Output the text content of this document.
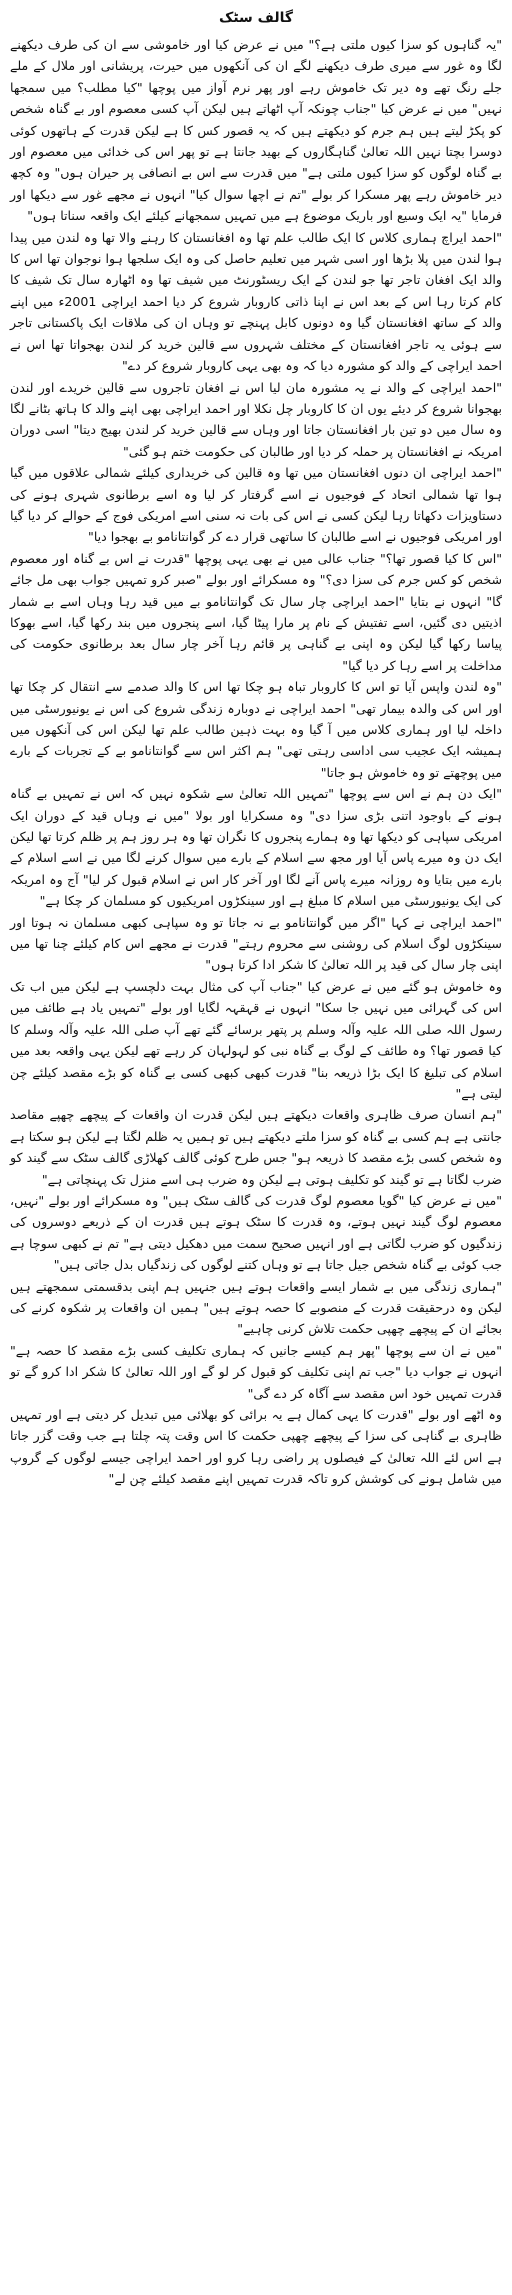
گالف سٹک

"یہ گناہوں کو سزا کیوں ملتی ہے؟" میں نے عرض کیا اور خاموشی سے ان کی طرف دیکھنے لگا وہ غور سے میری طرف دیکھنے لگے ان کی آنکھوں میں حیرت، پریشانی اور ملال کے ملے جلے رنگ تھے وہ دیر تک خاموش رہے اور پھر نرم آواز میں پوچھا "کیا مطلب؟ میں سمجھا نہیں" میں نے عرض کیا "جناب چونکہ آپ اٹھاتے ہیں لیکن آپ کسی معصوم اور بے گناہ شخص کو پکڑ لیتے ہیں ہم جرم کو دیکھتے ہیں کہ یہ قصور کس کا ہے لیکن قدرت کے ہاتھوں کوئی دوسرا بچتا نہیں اللہ تعالیٰ گناہگاروں کے بھید جانتا ہے تو پھر اس کی خدائی میں معصوم اور بے گناہ لوگوں کو سزا کیوں ملتی ہے" میں قدرت سے اس بے انصافی پر حیران ہوں" وہ کچھ دیر خاموش رہے پھر مسکرا کر بولے "تم نے اچھا سوال کیا" انہوں نے مجھے غور سے دیکھا اور فرمایا "یہ ایک وسیع اور باریک موضوع ہے میں تمہیں سمجھانے کیلئے ایک واقعہ سناتا ہوں"

"احمد ایراچ ہماری کلاس کا ایک طالب علم تھا وہ افغانستان کا رہنے والا تھا وہ لندن میں پیدا ہوا لندن میں پلا بڑھا اور اسی شہر میں تعلیم حاصل کی وہ ایک سلجھا ہوا نوجوان تھا اس کا والد ایک افغان تاجر تھا جو لندن کے ایک ریسٹورنٹ میں شیف تھا وہ اٹھارہ سال تک شیف کا کام کرتا رہا اس کے بعد اس نے اپنا ذاتی کاروبار شروع کر دیا احمد ایراچی 2001ء میں اپنے والد کے ساتھ افغانستان گیا وہ دونوں کابل پہنچے تو وہاں ان کی ملاقات ایک پاکستانی تاجر سے ہوئی یہ تاجر افغانستان کے مختلف شہروں سے قالین خرید کر لندن بھجواتا تھا اس نے احمد ایراچی کے والد کو مشورہ دیا کہ وہ بھی یہی کاروبار شروع کر دے"

"احمد ایراچی کے والد نے یہ مشورہ مان لیا اس نے افغان تاجروں سے قالین خریدے اور لندن بھجوانا شروع کر دیئے یوں ان کا کاروبار چل نکلا اور احمد ایراچی بھی اپنے والد کا ہاتھ بٹانے لگا وہ سال میں دو تین بار افغانستان جاتا اور وہاں سے قالین خرید کر لندن بھیج دیتا" اسی دوران امریکہ نے افغانستان پر حملہ کر دیا اور طالبان کی حکومت ختم ہو گئی"

"احمد ایراچی ان دنوں افغانستان میں تھا وہ قالین کی خریداری کیلئے شمالی علاقوں میں گیا ہوا تھا شمالی اتحاد کے فوجیوں نے اسے گرفتار کر لیا وہ اسے برطانوی شہری ہونے کی دستاویزات دکھاتا رہا لیکن کسی نے اس کی بات نہ سنی اسے امریکی فوج کے حوالے کر دیا گیا اور امریکی فوجیوں نے اسے طالبان کا ساتھی قرار دے کر گوانتانامو بے بھجوا دیا"

"اس کا کیا قصور تھا؟" جناب عالی میں نے بھی یہی پوچھا "قدرت نے اس بے گناہ اور معصوم شخص کو کس جرم کی سزا دی؟" وہ مسکرائے اور بولے "صبر کرو تمہیں جواب بھی مل جائے گا" انہوں نے بتایا "احمد ایراچی چار سال تک گوانتانامو بے میں قید رہا وہاں اسے بے شمار اذیتیں دی گئیں، اسے تفتیش کے نام پر مارا پیٹا گیا، اسے پنجروں میں بند رکھا گیا، اسے بھوکا پیاسا رکھا گیا لیکن وہ اپنی بے گناہی پر قائم رہا آخر چار سال بعد برطانوی حکومت کی مداخلت پر اسے رہا کر دیا گیا"

"وہ لندن واپس آیا تو اس کا کاروبار تباہ ہو چکا تھا اس کا والد صدمے سے انتقال کر چکا تھا اور اس کی والدہ بیمار تھی" احمد ایراچی نے دوبارہ زندگی شروع کی اس نے یونیورسٹی میں داخلہ لیا اور ہماری کلاس میں آ گیا وہ بہت ذہین طالب علم تھا لیکن اس کی آنکھوں میں ہمیشہ ایک عجیب سی اداسی رہتی تھی" ہم اکثر اس سے گوانتانامو بے کے تجربات کے بارے میں پوچھتے تو وہ خاموش ہو جاتا"

"ایک دن ہم نے اس سے پوچھا "تمہیں اللہ تعالیٰ سے شکوہ نہیں کہ اس نے تمہیں بے گناہ ہونے کے باوجود اتنی بڑی سزا دی" وہ مسکرایا اور بولا "میں نے وہاں قید کے دوران ایک امریکی سپاہی کو دیکھا تھا وہ ہمارے پنجروں کا نگران تھا وہ ہر روز ہم پر ظلم کرتا تھا لیکن ایک دن وہ میرے پاس آیا اور مجھ سے اسلام کے بارے میں سوال کرنے لگا میں نے اسے اسلام کے بارے میں بتایا وہ روزانہ میرے پاس آنے لگا اور آخر کار اس نے اسلام قبول کر لیا" آج وہ امریکہ کی ایک یونیورسٹی میں اسلام کا مبلغ ہے اور سینکڑوں امریکیوں کو مسلمان کر چکا ہے"

"احمد ایراچی نے کہا "اگر میں گوانتانامو بے نہ جاتا تو وہ سپاہی کبھی مسلمان نہ ہوتا اور سینکڑوں لوگ اسلام کی روشنی سے محروم رہتے" قدرت نے مجھے اس کام کیلئے چنا تھا میں اپنی چار سال کی قید پر اللہ تعالیٰ کا شکر ادا کرتا ہوں"

وہ خاموش ہو گئے میں نے عرض کیا "جناب آپ کی مثال بہت دلچسپ ہے لیکن میں اب تک اس کی گہرائی میں نہیں جا سکا" انہوں نے قہقہہ لگایا اور بولے "تمہیں یاد ہے طائف میں رسول اللہ صلی اللہ علیہ وآلہ وسلم پر پتھر برسائے گئے تھے آپ صلی اللہ علیہ وآلہ وسلم کا کیا قصور تھا؟ وہ طائف کے لوگ بے گناہ نبی کو لہولہان کر رہے تھے لیکن یہی واقعہ بعد میں اسلام کی تبلیغ کا ایک بڑا ذریعہ بنا" قدرت کبھی کبھی کسی بے گناہ کو بڑے مقصد کیلئے چن لیتی ہے"

"ہم انسان صرف ظاہری واقعات دیکھتے ہیں لیکن قدرت ان واقعات کے پیچھے چھپے مقاصد جانتی ہے ہم کسی بے گناہ کو سزا ملتے دیکھتے ہیں تو ہمیں یہ ظلم لگتا ہے لیکن ہو سکتا ہے وہ شخص کسی بڑے مقصد کا ذریعہ ہو" جس طرح کوئی گالف کھلاڑی گالف سٹک سے گیند کو ضرب لگاتا ہے تو گیند کو تکلیف ہوتی ہے لیکن وہ ضرب ہی اسے منزل تک پہنچاتی ہے"

"میں نے عرض کیا "گویا معصوم لوگ قدرت کی گالف سٹک ہیں" وہ مسکرائے اور بولے "نہیں، معصوم لوگ گیند نہیں ہوتے، وہ قدرت کا سٹک ہوتے ہیں قدرت ان کے ذریعے دوسروں کی زندگیوں کو ضرب لگاتی ہے اور انہیں صحیح سمت میں دھکیل دیتی ہے" تم نے کبھی سوچا ہے جب کوئی بے گناہ شخص جیل جاتا ہے تو وہاں کتنے لوگوں کی زندگیاں بدل جاتی ہیں"

"ہماری زندگی میں بے شمار ایسے واقعات ہوتے ہیں جنہیں ہم اپنی بدقسمتی سمجھتے ہیں لیکن وہ درحقیقت قدرت کے منصوبے کا حصہ ہوتے ہیں" ہمیں ان واقعات پر شکوہ کرنے کی بجائے ان کے پیچھے چھپی حکمت تلاش کرنی چاہیے"

"میں نے ان سے پوچھا "پھر ہم کیسے جانیں کہ ہماری تکلیف کسی بڑے مقصد کا حصہ ہے" انہوں نے جواب دیا "جب تم اپنی تکلیف کو قبول کر لو گے اور اللہ تعالیٰ کا شکر ادا کرو گے تو قدرت تمہیں خود اس مقصد سے آگاہ کر دے گی"

وہ اٹھے اور بولے "قدرت کا یہی کمال ہے یہ برائی کو بھلائی میں تبدیل کر دیتی ہے اور تمہیں ظاہری بے گناہی کی سزا کے پیچھے چھپی حکمت کا اس وقت پتہ چلتا ہے جب وقت گزر جاتا ہے اس لئے اللہ تعالیٰ کے فیصلوں پر راضی رہا کرو اور احمد ایراچی جیسے لوگوں کے گروپ میں شامل ہونے کی کوشش کرو تاکہ قدرت تمہیں اپنے مقصد کیلئے چن لے"
